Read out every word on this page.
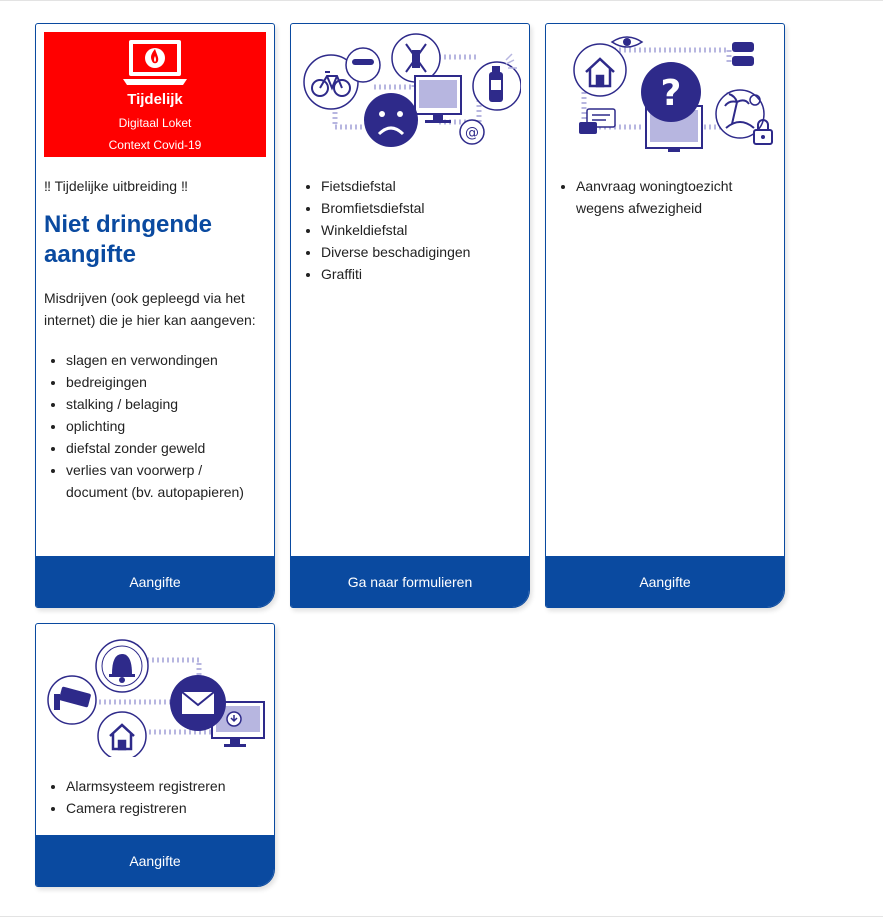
Tijdelijk
Digitaal Loket
Context Covid-19

‼ Tijdelijke uitbreiding ‼

Niet dringende aangifte

Misdrijven (ook gepleegd via het internet) die je hier kan aangeven:

• slagen en verwondingen
• bedreigingen
• stalking / belaging
• oplichting
• diefstal zonder geweld
• verlies van voorwerp / document (bv. autopapieren)
Aangifte
@
• Fietsdiefstal
• Bromfietsdiefstal
• Winkeldiefstal
• Diverse beschadigingen
• Graffiti
Ga naar formulieren
?
• Aanvraag woningtoezicht wegens afwezigheid
Aangifte
• Alarmsysteem registreren
• Camera registreren
Aangifte
